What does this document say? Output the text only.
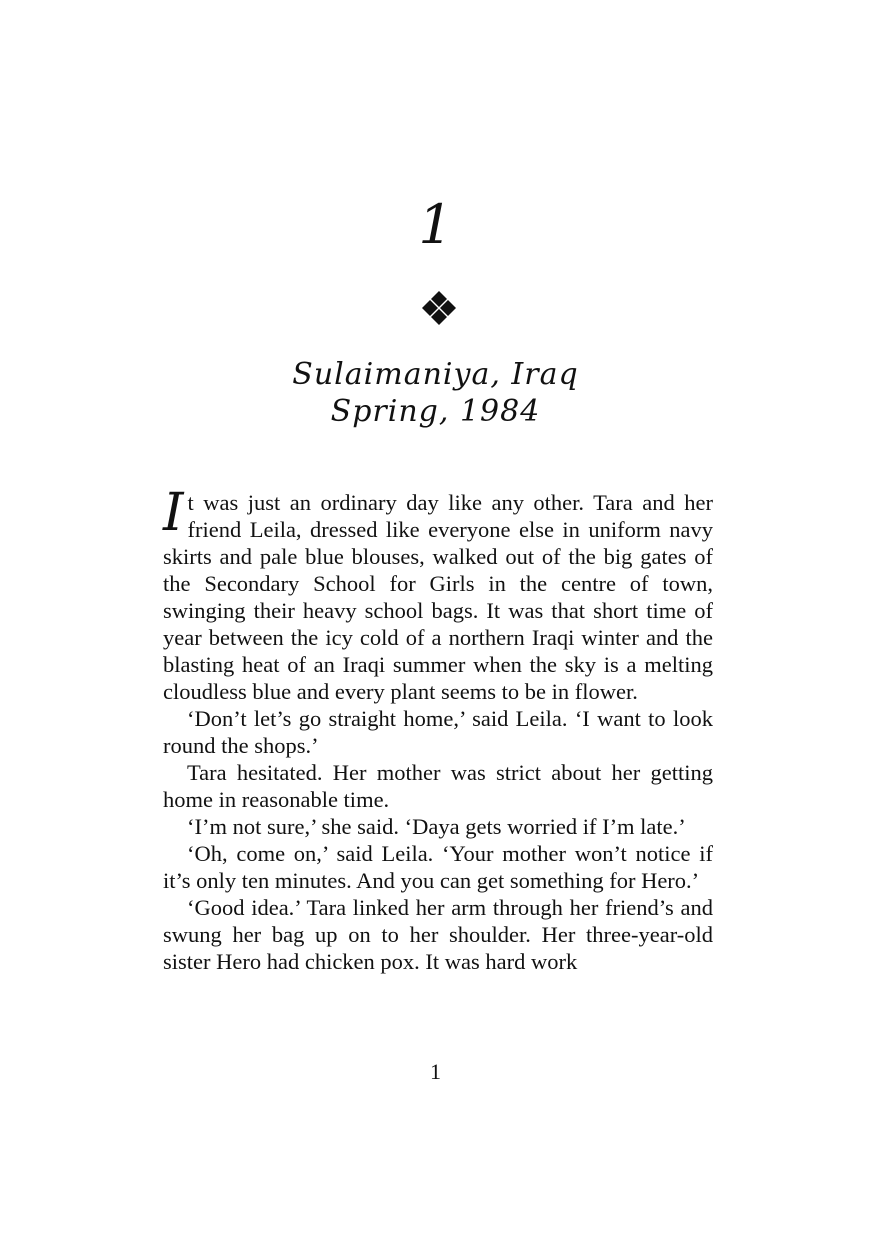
1
Sulaimaniya, Iraq
Spring, 1984

It was just an ordinary day like any other. Tara and her friend Leila, dressed like everyone else in uniform navy skirts and pale blue blouses, walked out of the big gates of the Secondary School for Girls in the centre of town, swinging their heavy school bags. It was that short time of year between the icy cold of a northern Iraqi winter and the blasting heat of an Iraqi summer when the sky is a melting cloudless blue and every plant seems to be in flower.

‘Don’t let’s go straight home,’ said Leila. ‘I want to look round the shops.’

Tara hesitated. Her mother was strict about her getting home in reasonable time.

‘I’m not sure,’ she said. ‘Daya gets worried if I’m late.’

‘Oh, come on,’ said Leila. ‘Your mother won’t notice if it’s only ten minutes. And you can get something for Hero.’

‘Good idea.’ Tara linked her arm through her friend’s and swung her bag up on to her shoulder. Her three-year-old sister Hero had chicken pox. It was hard work

1
